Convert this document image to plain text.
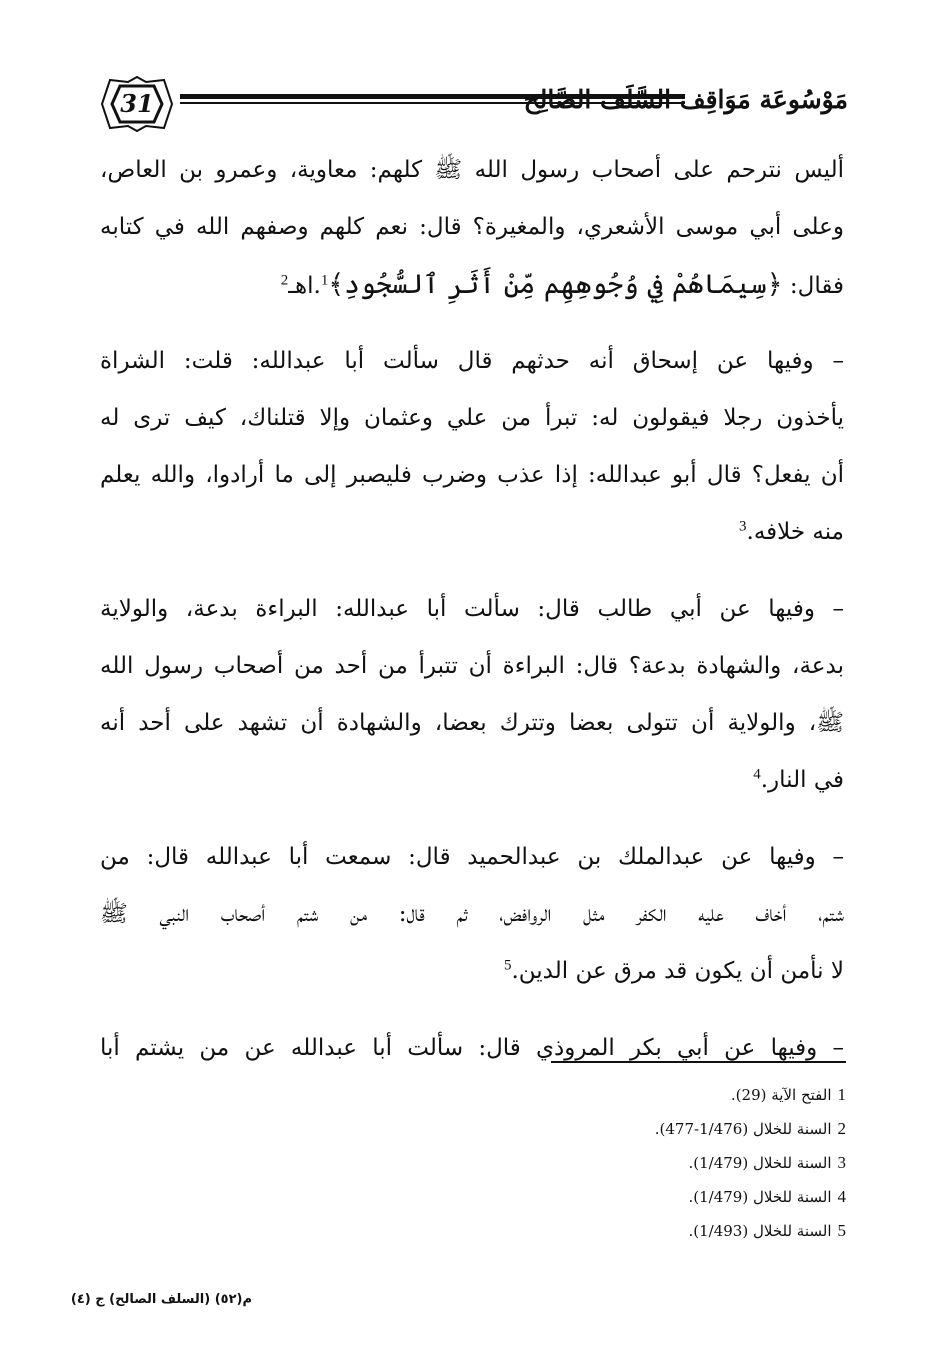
31	مَوْسُوعَة مَوَاقِف السَّلَف الصَّالِح
أليس نترحم على أصحاب رسول الله ﷺ كلهم: معاوية، وعمرو بن العاص،
وعلى أبي موسى الأشعري، والمغيرة؟ قال: نعم كلهم وصفهم الله في كتابه
فقال: ﴿سِيمَاهُمْ فِي وُجُوهِهِم مِّنْ أَثَرِ ٱلسُّجُودِ﴾$^1$.اهـ$^2$
– وفيها عن إسحاق أنه حدثهم قال سألت أبا عبدالله: قلت: الشراة
يأخذون رجلا فيقولون له: تبرأ من علي وعثمان وإلا قتلناك، كيف ترى له
أن يفعل؟ قال أبو عبدالله: إذا عذب وضرب فليصبر إلى ما أرادوا، والله يعلم
منه خلافه.$^3$
– وفيها عن أبي طالب قال: سألت أبا عبدالله: البراءة بدعة، والولاية
بدعة، والشهادة بدعة؟ قال: البراءة أن تتبرأ من أحد من أصحاب رسول الله
ﷺ، والولاية أن تتولى بعضا وتترك بعضا، والشهادة أن تشهد على أحد أنه
في النار.$^4$
– وفيها عن عبدالملك بن عبدالحميد قال: سمعت أبا عبدالله قال: من
شتم، أخاف عليه الكفر مثل الروافض، ثم قال: من شتم أصحاب النبي ﷺ
لا نأمن أن يكون قد مرق عن الدين.$^5$
– وفيها عن أبي بكر المروذي قال: سألت أبا عبدالله عن من يشتم أبا
1الفتح الآية (29).
2السنة للخلال (1/476-477).
3السنة للخلال (1/479).
4السنة للخلال (1/479).
5السنة للخلال (1/493).
م(٥٢) (السلف الصالح) ج (٤)
